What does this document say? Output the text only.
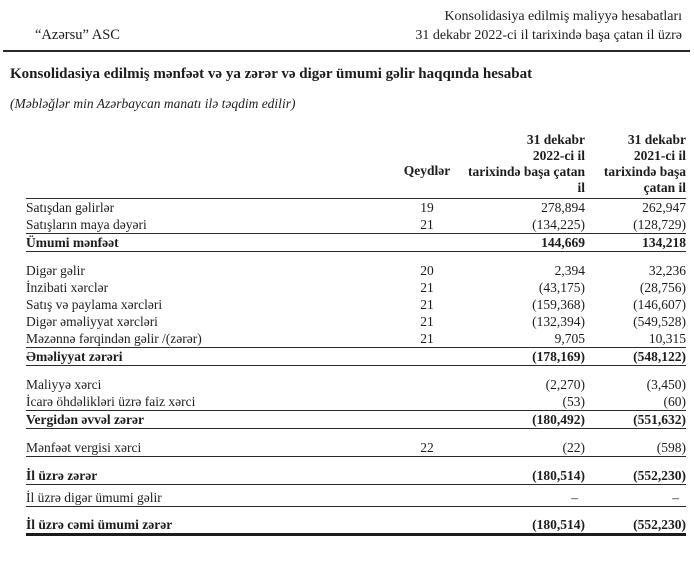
“Azərsu” ASC
Konsolidasiya edilmiş maliyyə hesabatları
31 dekabr 2022-ci il tarixində başa çatan il üzrə
Konsolidasiya edilmiş mənfəət və ya zərər və digər ümumi gəlir haqqında hesabat
(Məbləğlər min Azərbaycan manatı ilə təqdim edilir)
	Qeydlər	
31 dekabr
2022-ci il
tarixində başa çatan
il

31 dekabr
2021-ci il
tarixində başa
çatan il

Satışdan gəlirlər	19	278,894	262,947
Satışların maya dəyəri	21	(134,225)	(128,729)
Ümumi mənfəət		144,669	134,218

Digər gəlir	20	2,394	32,236
İnzibati xərclər	21	(43,175)	(28,756)
Satış və paylama xərcləri	21	(159,368)	(146,607)
Digər əməliyyat xərcləri	21	(132,394)	(549,528)
Məzənnə fərqindən gəlir /(zərər)	21	9,705	10,315
Əməliyyat zərəri		(178,169)	(548,122)

Maliyyə xərci		(2,270)	(3,450)
İcarə öhdəlikləri üzrə faiz xərci		(53)	(60)
Vergidən əvvəl zərər		(180,492)	(551,632)

Mənfəət vergisi xərci	22	(22)	(598)

İl üzrə zərər		(180,514)	(552,230)
İl üzrə digər ümumi gəlir		–	–

İl üzrə cəmi ümumi zərər		(180,514)	(552,230)
